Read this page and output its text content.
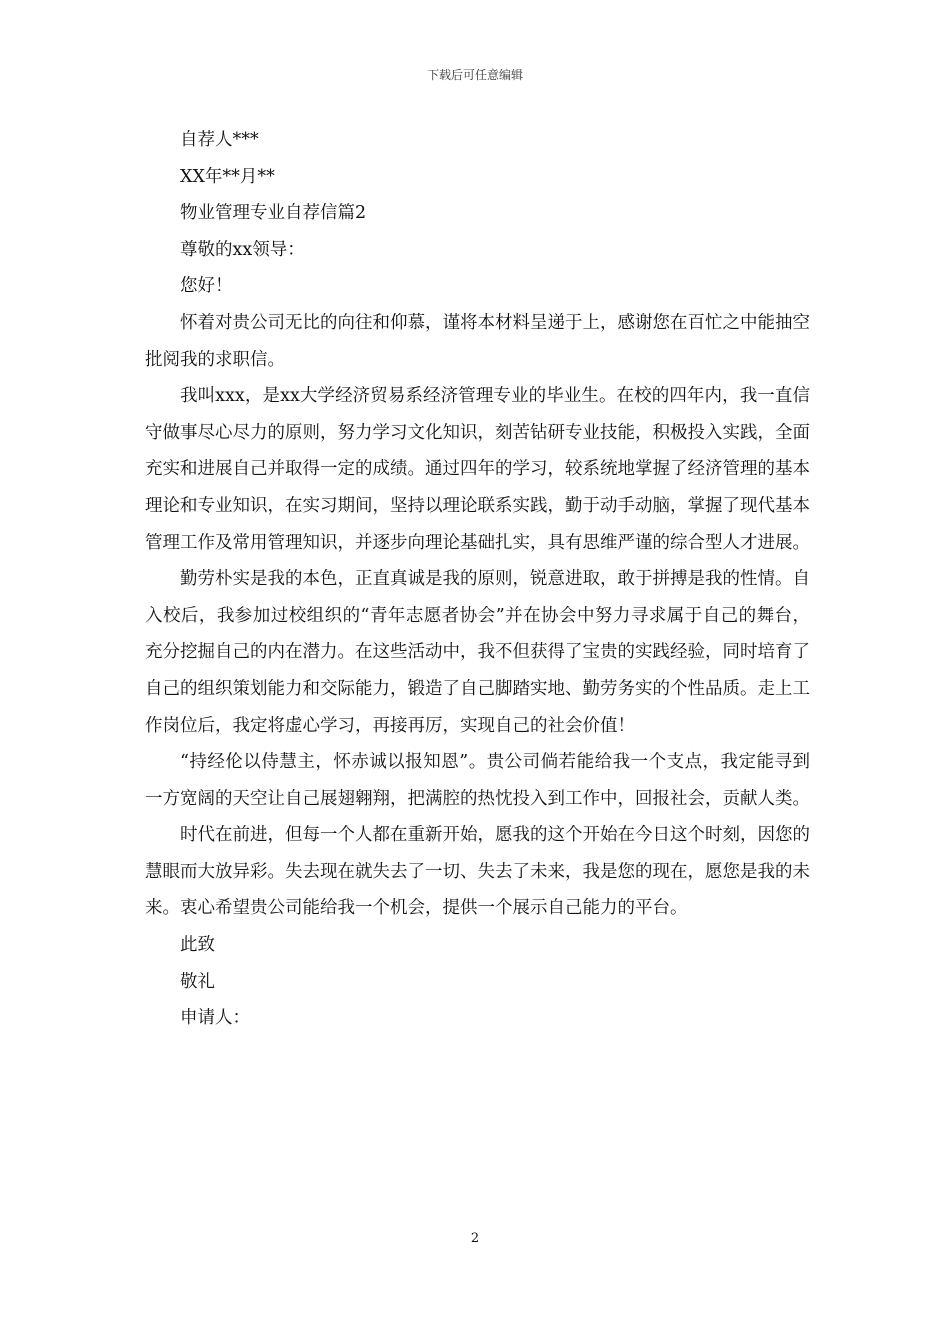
下载后可任意编辑

自荐人***

XX年**月**

物业管理专业自荐信篇2

尊敬的xx领导：

您好！

怀着对贵公司无比的向往和仰慕，谨将本材料呈递于上，感谢您在百忙之中能抽空批阅我的求职信。

我叫xxx，是xx大学经济贸易系经济管理专业的毕业生。在校的四年内，我一直信守做事尽心尽力的原则，努力学习文化知识，刻苦钻研专业技能，积极投入实践，全面充实和进展自己并取得一定的成绩。通过四年的学习，较系统地掌握了经济管理的基本理论和专业知识，在实习期间，坚持以理论联系实践，勤于动手动脑，掌握了现代基本管理工作及常用管理知识，并逐步向理论基础扎实，具有思维严谨的综合型人才进展。

勤劳朴实是我的本色，正直真诚是我的原则，锐意进取，敢于拼搏是我的性情。自入校后，我参加过校组织的“青年志愿者协会”并在协会中努力寻求属于自己的舞台，充分挖掘自己的内在潜力。在这些活动中，我不但获得了宝贵的实践经验，同时培育了自己的组织策划能力和交际能力，锻造了自己脚踏实地、勤劳务实的个性品质。走上工作岗位后，我定将虚心学习，再接再厉，实现自己的社会价值！

“持经伦以侍慧主，怀赤诚以报知恩”。贵公司倘若能给我一个支点，我定能寻到一方宽阔的天空让自己展翅翱翔，把满腔的热忱投入到工作中，回报社会，贡献人类。

时代在前进，但每一个人都在重新开始，愿我的这个开始在今日这个时刻，因您的慧眼而大放异彩。失去现在就失去了一切、失去了未来，我是您的现在，愿您是我的未来。衷心希望贵公司能给我一个机会，提供一个展示自己能力的平台。

此致

敬礼

申请人：

2
